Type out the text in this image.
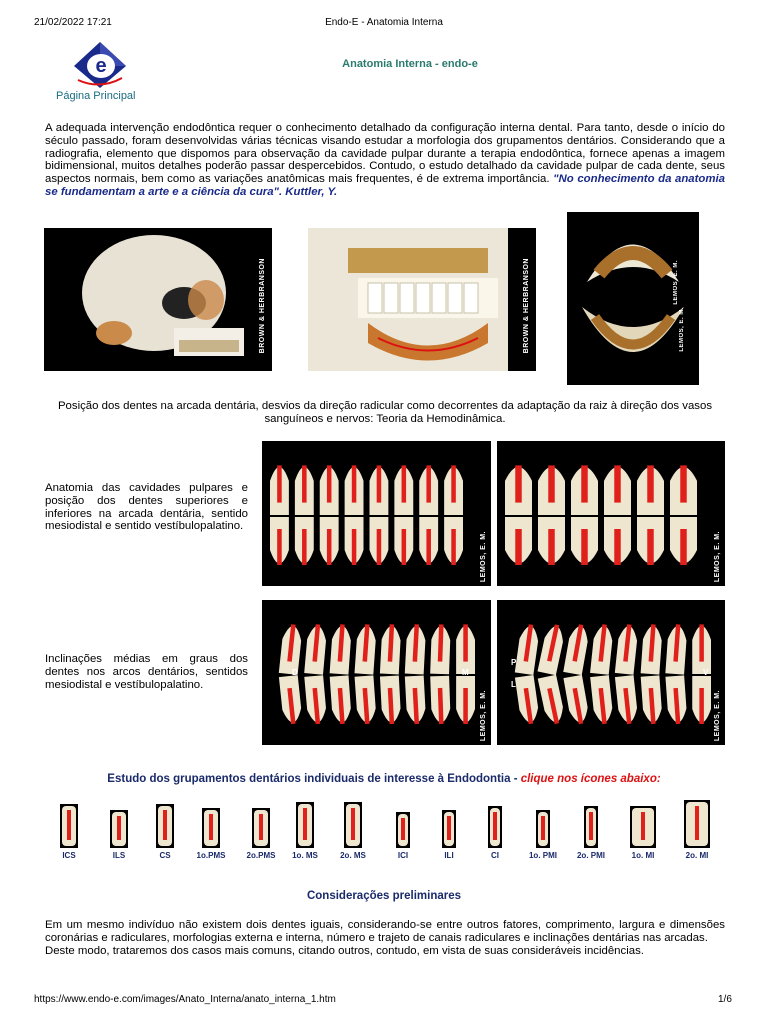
21/02/2022 17:21	Endo-E - Anatomia Interna
e
Página Principal
Anatomia Interna - endo-e
A adequada intervenção endodôntica requer o conhecimento detalhado da configuração interna dental. Para tanto, desde o início do século passado, foram desenvolvidas várias técnicas visando estudar a morfologia dos grupamentos dentários. Considerando que a radiografia, elemento que dispomos para observação da cavidade pulpar durante a terapia endodôntica, fornece apenas a imagem bidimensional, muitos detalhes poderão passar despercebidos. Contudo, o estudo detalhado da cavidade pulpar de cada dente, seus aspectos normais, bem como as variações anatômicas mais frequentes, é de extrema importância. "No conhecimento da anatomia se fundamentam a arte e a ciência da cura". Kuttler, Y.
BROWN & HERBRANSON	BROWN & HERBRANSON	LEMOS, E. M.
LEMOS, E. M.
Posição dos dentes na arcada dentária, desvios da direção radicular como decorrentes da adaptação da raiz à direção dos vasos sanguíneos e nervos: Teoria da Hemodinâmica.
Anatomia das cavidades pulpares e posição dos dentes superiores e inferiores na arcada dentária, sentido mesiodistal e sentido vestíbulopalatino.
LEMOS, E. M.	LEMOS, E. M.
Inclinações médias em graus dos dentes nos arcos dentários, sentidos mesiodistal e vestíbulopalatino.
D	M
LEMOS, E. M.
P
L
V
LEMOS, E. M.
Estudo dos grupamentos dentários individuais de interesse à Endodontia - clique nos ícones abaixo:
ICS	ILS	CS	1o.PMS	2o.PMS	1o. MS	2o. MS	ICI	ILI	CI	1o. PMI	2o. PMI	1o. MI	2o. MI
Considerações preliminares
Em um mesmo indivíduo não existem dois dentes iguais, considerando-se entre outros fatores, comprimento, largura e dimensões coronárias e radiculares, morfologias externa e interna, número e trajeto de canais radiculares e inclinações dentárias nas arcadas.
Deste modo, trataremos dos casos mais comuns, citando outros, contudo, em vista de suas consideráveis incidências.
https://www.endo-e.com/images/Anato_Interna/anato_interna_1.htm	1/6
